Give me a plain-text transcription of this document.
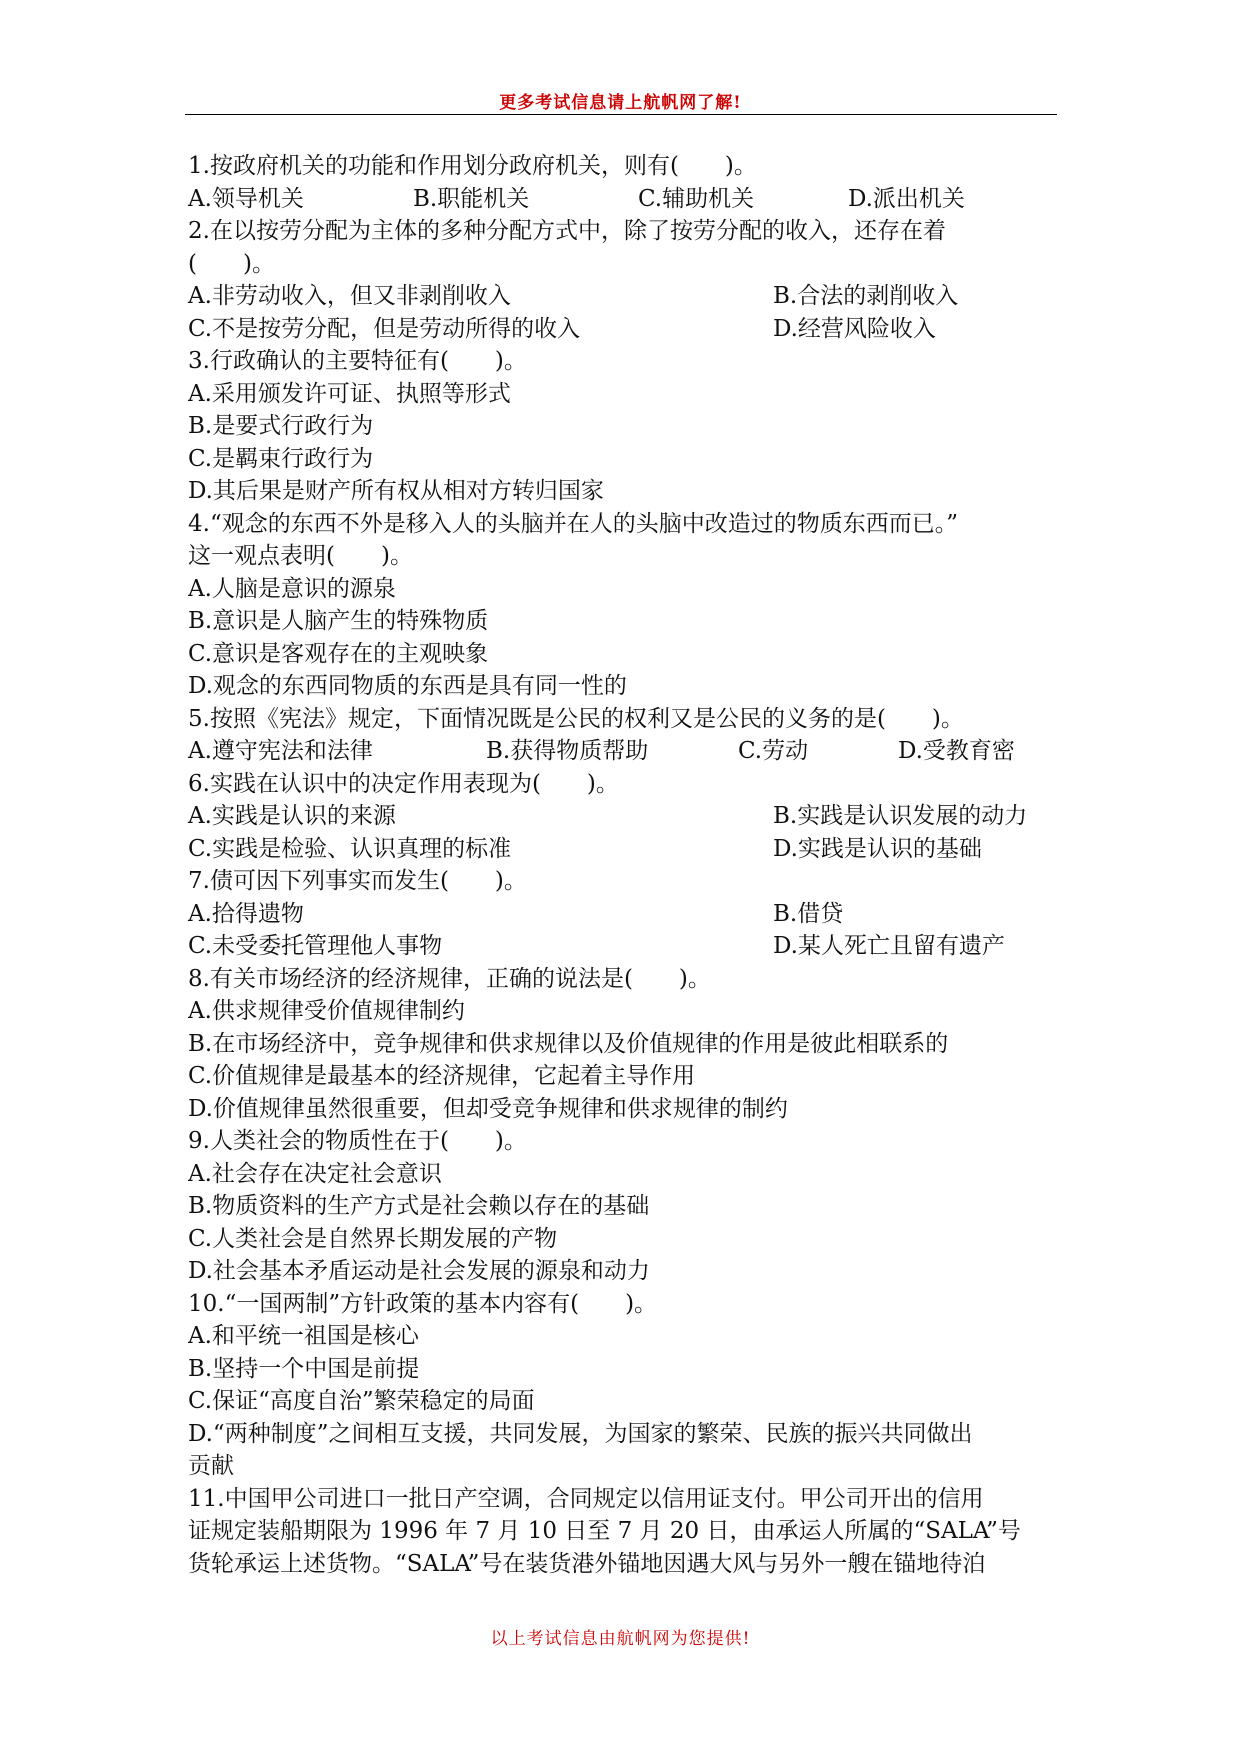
更多考试信息请上航帆网了解!
1.按政府机关的功能和作用划分政府机关，则有(　　)。
A.领导机关	B.职能机关	C.辅助机关	D.派出机关
2.在以按劳分配为主体的多种分配方式中，除了按劳分配的收入，还存在着
(　　)。
A.非劳动收入，但又非剥削收入	B.合法的剥削收入
C.不是按劳分配，但是劳动所得的收入	D.经营风险收入
3.行政确认的主要特征有(　　)。
A.采用颁发许可证、执照等形式
B.是要式行政行为
C.是羁束行政行为
D.其后果是财产所有权从相对方转归国家
4.“观念的东西不外是移入人的头脑并在人的头脑中改造过的物质东西而已。”
这一观点表明(　　)。
A.人脑是意识的源泉
B.意识是人脑产生的特殊物质
C.意识是客观存在的主观映象
D.观念的东西同物质的东西是具有同一性的
5.按照《宪法》规定，下面情况既是公民的权利又是公民的义务的是(　　)。
A.遵守宪法和法律	B.获得物质帮助	C.劳动	D.受教育密
6.实践在认识中的决定作用表现为(　　)。
A.实践是认识的来源	B.实践是认识发展的动力
C.实践是检验、认识真理的标准	D.实践是认识的基础
7.债可因下列事实而发生(　　)。
A.拾得遗物	B.借贷
C.未受委托管理他人事物	D.某人死亡且留有遗产
8.有关市场经济的经济规律，正确的说法是(　　)。
A.供求规律受价值规律制约
B.在市场经济中，竞争规律和供求规律以及价值规律的作用是彼此相联系的
C.价值规律是最基本的经济规律，它起着主导作用
D.价值规律虽然很重要，但却受竞争规律和供求规律的制约
9.人类社会的物质性在于(　　)。
A.社会存在决定社会意识
B.物质资料的生产方式是社会赖以存在的基础
C.人类社会是自然界长期发展的产物
D.社会基本矛盾运动是社会发展的源泉和动力
10.“一国两制”方针政策的基本内容有(　　)。
A.和平统一祖国是核心
B.坚持一个中国是前提
C.保证“高度自治”繁荣稳定的局面
D.“两种制度”之间相互支援，共同发展，为国家的繁荣、民族的振兴共同做出
贡献
11.中国甲公司进口一批日产空调，合同规定以信用证支付。甲公司开出的信用
证规定装船期限为 1996 年 7 月 10 日至 7 月 20 日，由承运人所属的“SALA”号
货轮承运上述货物。“SALA”号在装货港外锚地因遇大风与另外一艘在锚地待泊
以上考试信息由航帆网为您提供!
